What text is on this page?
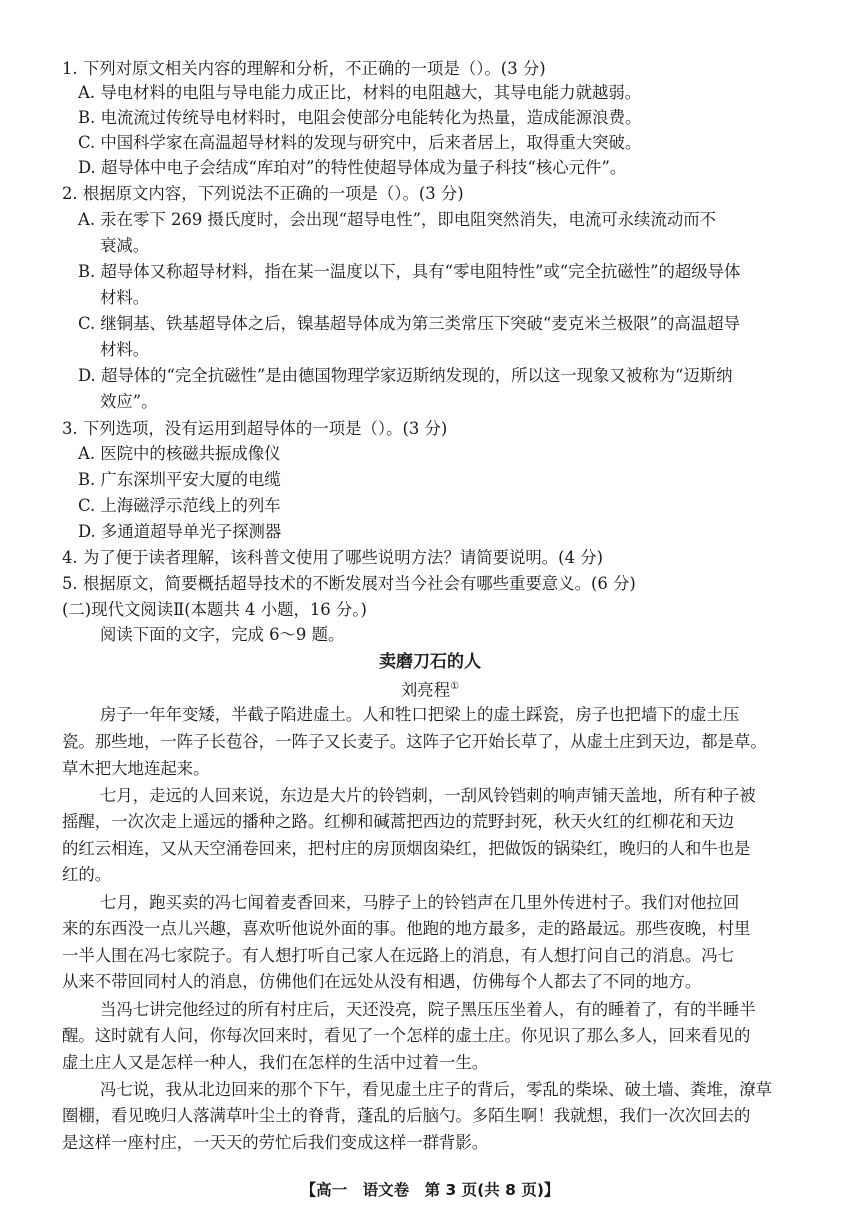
1. 下列对原文相关内容的理解和分析，不正确的一项是（）。(3 分)
A. 导电材料的电阻与导电能力成正比，材料的电阻越大，其导电能力就越弱。
B. 电流流过传统导电材料时，电阻会使部分电能转化为热量，造成能源浪费。
C. 中国科学家在高温超导材料的发现与研究中，后来者居上，取得重大突破。
D. 超导体中电子会结成“库珀对”的特性使超导体成为量子科技“核心元件”。
2. 根据原文内容，下列说法不正确的一项是（）。(3 分)
A. 汞在零下 269 摄氏度时，会出现“超导电性”，即电阻突然消失，电流可永续流动而不
衰减。
B. 超导体又称超导材料，指在某一温度以下，具有“零电阻特性”或“完全抗磁性”的超级导体
材料。
C. 继铜基、铁基超导体之后，镍基超导体成为第三类常压下突破“麦克米兰极限”的高温超导
材料。
D. 超导体的“完全抗磁性”是由德国物理学家迈斯纳发现的，所以这一现象又被称为“迈斯纳
效应”。
3. 下列选项，没有运用到超导体的一项是（）。(3 分)
A. 医院中的核磁共振成像仪
B. 广东深圳平安大厦的电缆
C. 上海磁浮示范线上的列车
D. 多通道超导单光子探测器
4. 为了便于读者理解，该科普文使用了哪些说明方法？请简要说明。(4 分)
5. 根据原文，简要概括超导技术的不断发展对当今社会有哪些重要意义。(6 分)
(二)现代文阅读Ⅱ(本题共 4 小题，16 分。)
阅读下面的文字，完成 6～9 题。
卖磨刀石的人
刘亮程①
房子一年年变矮，半截子陷进虚土。人和牲口把梁上的虚土踩瓷，房子也把墙下的虚土压
瓷。那些地，一阵子长苞谷，一阵子又长麦子。这阵子它开始长草了，从虚土庄到天边，都是草。
草木把大地连起来。
七月，走远的人回来说，东边是大片的铃铛刺，一刮风铃铛刺的响声铺天盖地，所有种子被
摇醒，一次次走上遥远的播种之路。红柳和碱蒿把西边的荒野封死，秋天火红的红柳花和天边
的红云相连，又从天空涌卷回来，把村庄的房顶烟囱染红，把做饭的锅染红，晚归的人和牛也是
红的。
七月，跑买卖的冯七闻着麦香回来，马脖子上的铃铛声在几里外传进村子。我们对他拉回
来的东西没一点儿兴趣，喜欢听他说外面的事。他跑的地方最多，走的路最远。那些夜晚，村里
一半人围在冯七家院子。有人想打听自己家人在远路上的消息，有人想打问自己的消息。冯七
从来不带回同村人的消息，仿佛他们在远处从没有相遇，仿佛每个人都去了不同的地方。
当冯七讲完他经过的所有村庄后，天还没亮，院子黑压压坐着人，有的睡着了，有的半睡半
醒。这时就有人问，你每次回来时，看见了一个怎样的虚土庄。你见识了那么多人，回来看见的
虚土庄人又是怎样一种人，我们在怎样的生活中过着一生。
冯七说，我从北边回来的那个下午，看见虚土庄子的背后，零乱的柴垛、破土墙、粪堆，潦草
圈棚，看见晚归人落满草叶尘土的脊背，蓬乱的后脑勺。多陌生啊！我就想，我们一次次回去的
是这样一座村庄，一天天的劳忙后我们变成这样一群背影。
【高一　语文卷　第 3 页(共 8 页)】
